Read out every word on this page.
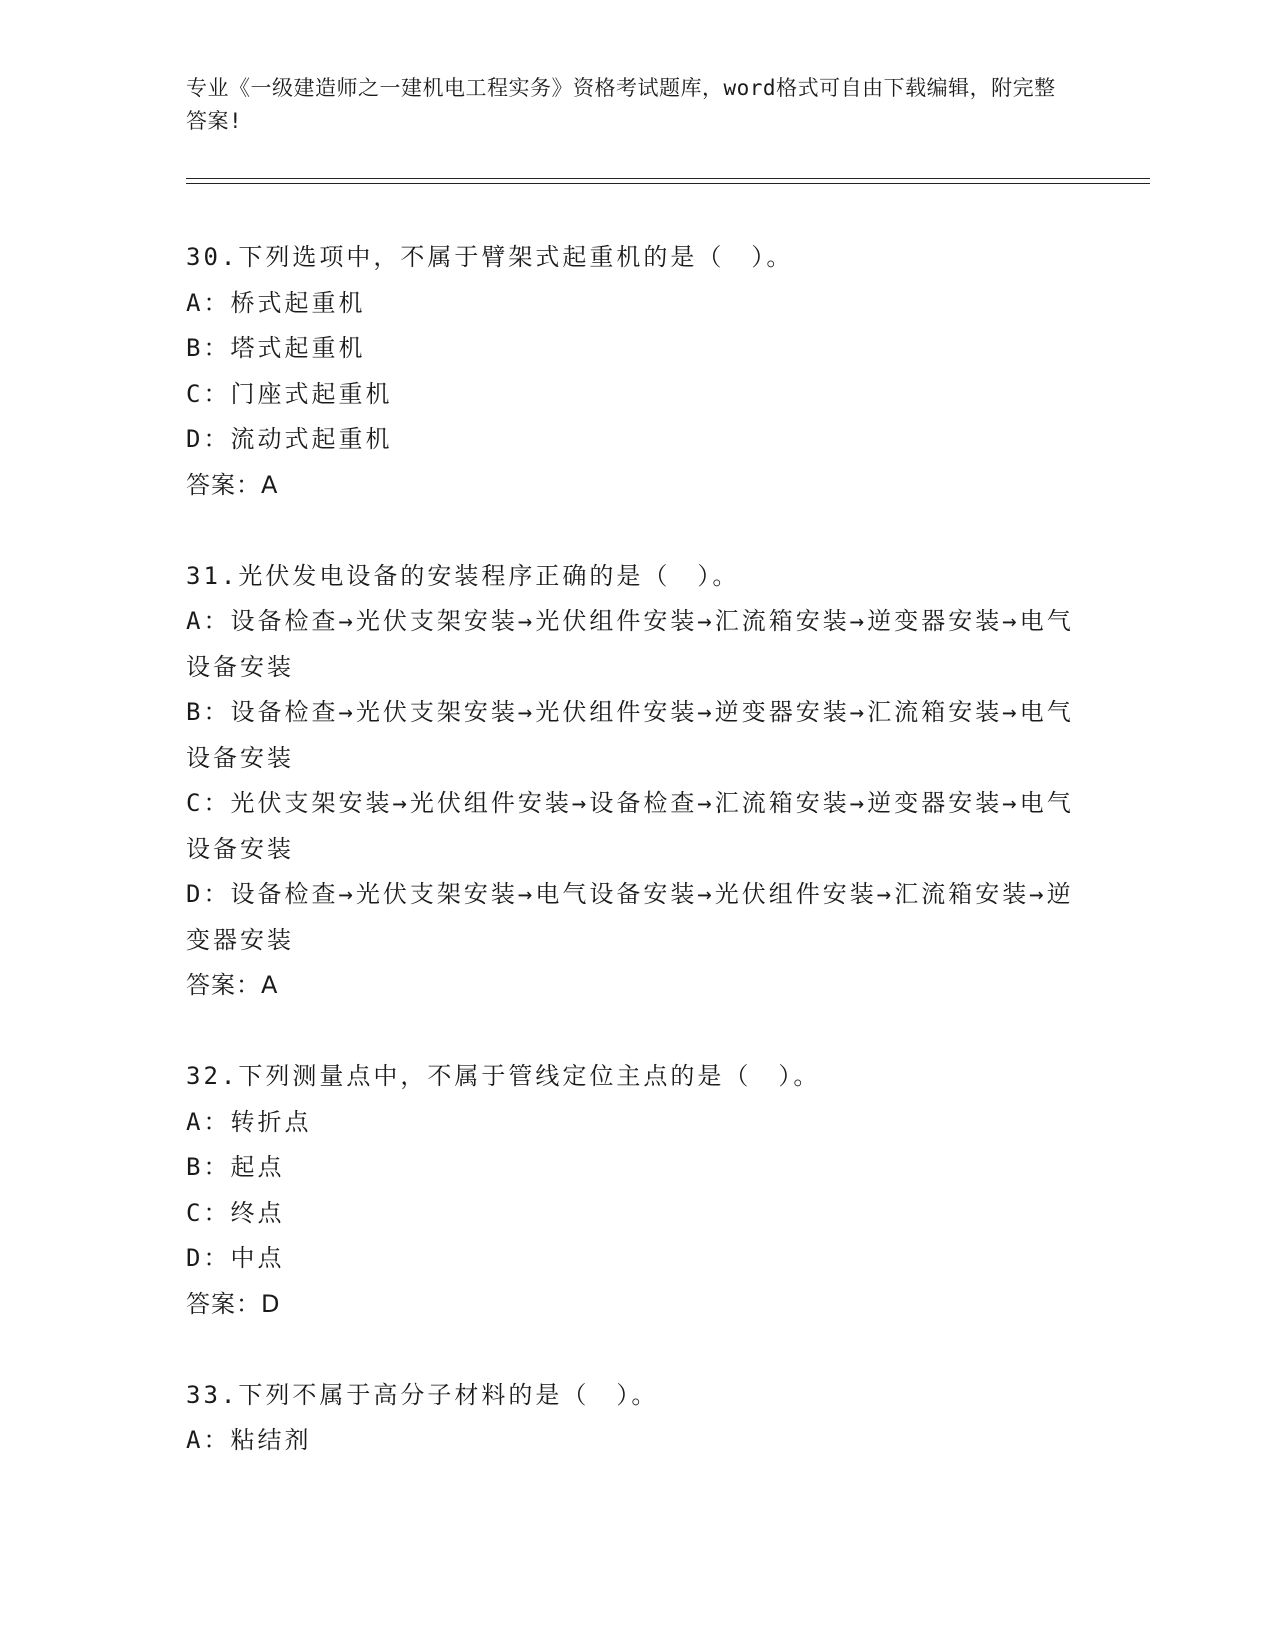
专业《一级建造师之一建机电工程实务》资格考试题库，word格式可自由下载编辑，附完整答案!
30.下列选项中，不属于臂架式起重机的是（　）。
A：桥式起重机
B：塔式起重机
C：门座式起重机
D：流动式起重机
答案：A
31.光伏发电设备的安装程序正确的是（　）。
A：设备检查→光伏支架安装→光伏组件安装→汇流箱安装→逆变器安装→电气设备安装
B：设备检查→光伏支架安装→光伏组件安装→逆变器安装→汇流箱安装→电气设备安装
C：光伏支架安装→光伏组件安装→设备检查→汇流箱安装→逆变器安装→电气设备安装
D：设备检查→光伏支架安装→电气设备安装→光伏组件安装→汇流箱安装→逆变器安装
答案：A
32.下列测量点中，不属于管线定位主点的是（　）。
A：转折点
B：起点
C：终点
D：中点
答案：D
33.下列不属于高分子材料的是（　）。
A：粘结剂
